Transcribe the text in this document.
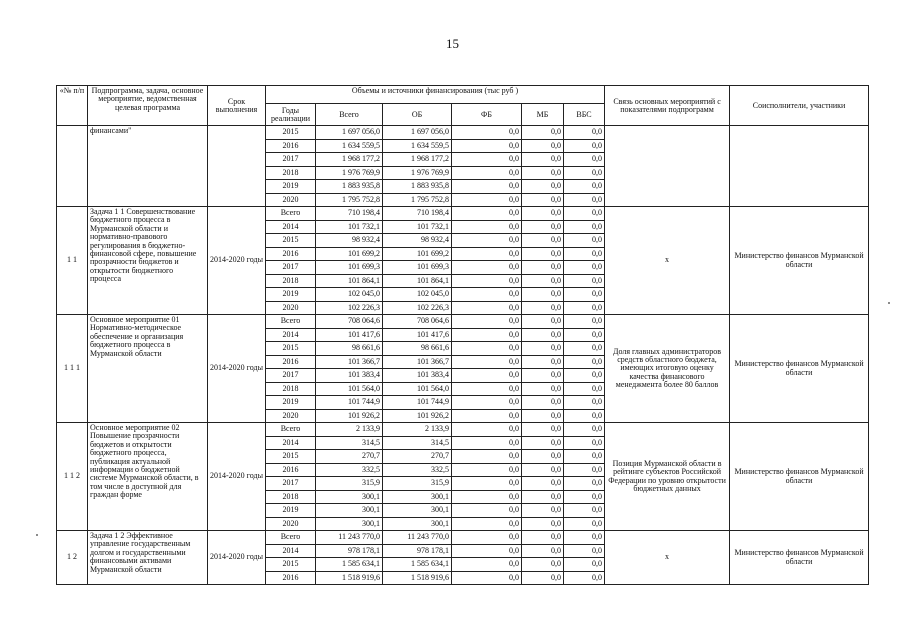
15
«№ п/п	Подпрограмма, задача, основное мероприятие, ведомственная целевая программа	Срок выполнения	Объемы и источники финансирования (тыс руб )						Связь основных мероприятий с показателями подпрограмм	Соисполнители, участники
			Годы реализации	Всего	ОБ	ФБ	МБ	ВБС		
	финансами"		2015	1 697 056,0	1 697 056,0	0,0	0,0	0,0		
			2016	1 634 559,5	1 634 559,5	0,0	0,0	0,0		
			2017	1 968 177,2	1 968 177,2	0,0	0,0	0,0		
			2018	1 976 769,9	1 976 769,9	0,0	0,0	0,0		
			2019	1 883 935,8	1 883 935,8	0,0	0,0	0,0		
			2020	1 795 752,8	1 795 752,8	0,0	0,0	0,0		
1 1	Задача 1 1 Совершенствование бюджетного процесса в Мурманской области и нормативно-правового регулирования в бюджетно-финансовой сфере, повышение прозрачности бюджетов и открытости бюджетного процесса	2014-2020 годы	Всего	710 198,4	710 198,4	0,0	0,0	0,0	x	Министерство финансов Мурманской области
			2014	101 732,1	101 732,1	0,0	0,0	0,0		
			2015	98 932,4	98 932,4	0,0	0,0	0,0		
			2016	101 699,2	101 699,2	0,0	0,0	0,0		
			2017	101 699,3	101 699,3	0,0	0,0	0,0		
			2018	101 864,1	101 864,1	0,0	0,0	0,0		
			2019	102 045,0	102 045,0	0,0	0,0	0,0		
			2020	102 226,3	102 226,3	0,0	0,0	0,0		
1 1 1	Основное мероприятие 01 Нормативно-методическое обеспечение и организация бюджетного процесса в Мурманской области	2014-2020 годы	Всего	708 064,6	708 064,6	0,0	0,0	0,0	Доля главных администраторов средств областного бюджета, имеющих итоговую оценку качества финансового менеджмента более 80 баллов	Министерство финансов Мурманской области
			2014	101 417,6	101 417,6	0,0	0,0	0,0		
			2015	98 661,6	98 661,6	0,0	0,0	0,0		
			2016	101 366,7	101 366,7	0,0	0,0	0,0		
			2017	101 383,4	101 383,4	0,0	0,0	0,0		
			2018	101 564,0	101 564,0	0,0	0,0	0,0		
			2019	101 744,9	101 744,9	0,0	0,0	0,0		
			2020	101 926,2	101 926,2	0,0	0,0	0,0		
1 1 2	Основное мероприятие 02 Повышение прозрачности бюджетов и открытости бюджетного процесса, публикация актуальной информации о бюджетной системе Мурманской области, в том числе в доступной для граждан форме	2014-2020 годы	Всего	2 133,9	2 133,9	0,0	0,0	0,0	Позиция Мурманской области в рейтинге субъектов Российской Федерации по уровню открытости бюджетных данных	Министерство финансов Мурманской области
			2014	314,5	314,5	0,0	0,0	0,0		
			2015	270,7	270,7	0,0	0,0	0,0		
			2016	332,5	332,5	0,0	0,0	0,0		
			2017	315,9	315,9	0,0	0,0	0,0		
			2018	300,1	300,1	0,0	0,0	0,0		
			2019	300,1	300,1	0,0	0,0	0,0		
			2020	300,1	300,1	0,0	0,0	0,0		
1 2	Задача 1 2 Эффективное управление государственным долгом и государственными финансовыми активами Мурманской области	2014-2020 годы	Всего	11 243 770,0	11 243 770,0	0,0	0,0	0,0	x	Министерство финансов Мурманской области
			2014	978 178,1	978 178,1	0,0	0,0	0,0		
			2015	1 585 634,1	1 585 634,1	0,0	0,0	0,0		
			2016	1 518 919,6	1 518 919,6	0,0	0,0	0,0		
